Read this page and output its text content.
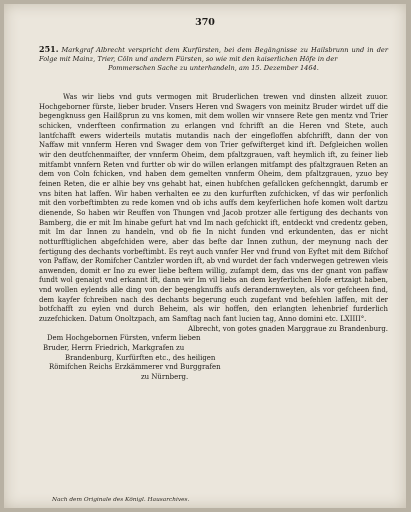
370
251. Markgraf Albrecht verspricht dem Kurfürsten, bei dem Begängnisse zu Hailsbrunn und in der Folge mit Mainz, Trier, Cöln und andern Fürsten, so wie mit den kaiserlichen Höfe in der
Pommerschen Sache zu unterhandeln, am 15. Dezember 1464.

Was wir liebs vnd guts vermogen mit Bruderlichen trewen vnd dinsten allzeit zuuor. Hochgeborner fürste, lieber bruder. Vnsers Heren vnd Swagers von meinitz Bruder wirdet uff die begengknuss gen Hailßprun zu vns komen, mit dem wollen wir vnnsere Rete gen mentz vnd Trier schicken, vnderfteen confirmation zu erlangen vnd fchrifft an die Heren vnd Stete, auch lantfchafft ewers widerteils mutatis mutandis nach der eingefloffen abfchrifft, dann der von Naffaw mit vnnferm Heren vnd Swager dem von Trier gefwifterget kind ift. Defgleichen wollen wir den deutfchenmaifter, der vnnferm Oheim, dem pfaltzgrauen, vaft heymlich ift, zu feiner lieb mitfambt vnnfern Reten vnd furtter ob wir do willen erlangen mitfampt des pfaltzgrauen Reten an dem von Coln fchicken, vnd haben dem gemelten vnnferm Oheim, dem pfaltzgrauen, yzuo bey feinen Reten, die er alhie bey vns gehabt hat, einen hubfchen gefallcken gefchenngkt, darumb er vns biten hat laffen. Wir haben verhalten ee zu den kurfurften zufchicken, vf das wir perfonlich mit den vorbeftimbten zu rede komen vnd ob ichs auffs dem keyferlichen hofe komen wolt dartzu dienende, So haben wir Reuffen von Thungen vnd Jacob protzer alle fertigung des dechants von Bamberg, die er mit Im hinabe gefurt hat vnd Im nach gefchickt ift, entdeckt vnd credentz geben, mit Im dar Innen zu handeln, vnd ob fie In nicht funden vnd erkundenten, das er nicht notturfftiglichen abgefchiden were, aber das befte dar Innen zuthun, der meynung nach der fertigung des dechants vorbeftimbt. Es reyt auch vnnfer Her vnd frund von Eyftet mit dem Bifchof von Paffaw, der Romifcher Cantzler worden ift, ab vnd wurdet der fach vnderwegen getrewen vleis anwenden, domit er Ino zu ewer liebe beftem willig, zufampt dem, das vns der gnant von paffaw fundt wol genaigt vnd erkannt ift, dann wir Im vil liebs an dem keyferlichen Hofe ertzaigt haben, vnd wollen eylends alle ding von der begengknuffs aufs derandernweyten, als vor gefcheen find, dem kayfer fchreiben nach des dechants begerung euch zugefant vnd befehlen laffen, mit der botfchafft zu eylen vnd durch Beheim, als wir hoffen, den erlangten lehenbrief furderlich zuzefchicken. Datum Onoltzpach, am Samftag nach fant lucien tag, Anno domini etc. LXIIII°.

Albrecht, von gotes gnaden Marggraue zu Brandenburg.
Dem Hochgebornen Fürsten, vnferm lieben
Bruder, Herrn Friedrich, Markgrafen zu
Brandenburg, Kurfürften etc., des heiligen
Römifchen Reichs Erzkämmerer vnd Burggrafen
zu Nürnberg.
Nach dem Originale des Königl. Hausarchives.
